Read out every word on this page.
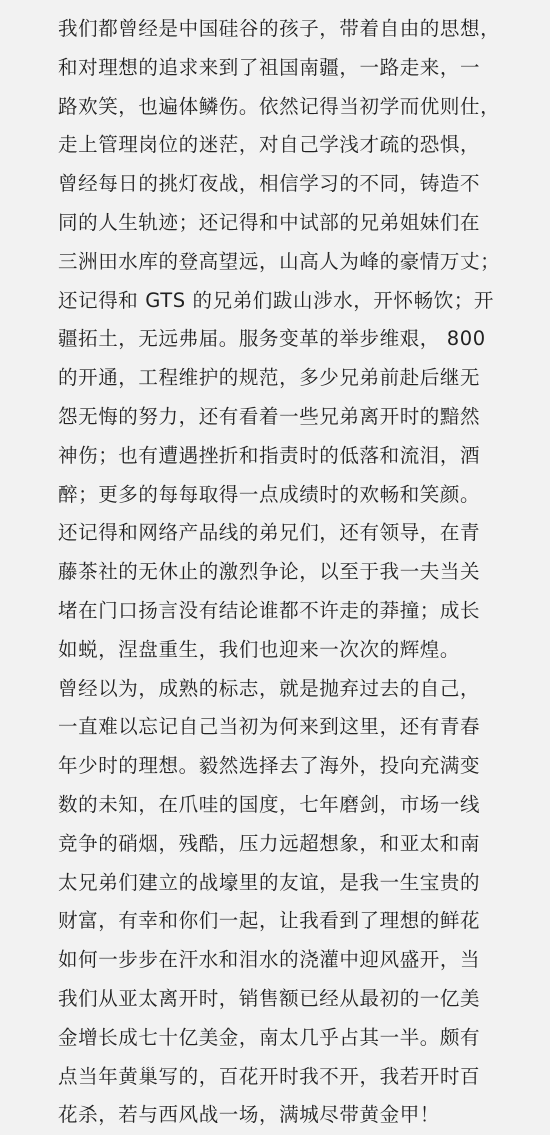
我们都曾经是中国硅谷的孩子，带着自由的思想，
和对理想的追求来到了祖国南疆，一路走来，一
路欢笑，也遍体鳞伤。依然记得当初学而优则仕，
走上管理岗位的迷茫，对自己学浅才疏的恐惧，
曾经每日的挑灯夜战，相信学习的不同，铸造不
同的人生轨迹；还记得和中试部的兄弟姐妹们在
三洲田水库的登高望远，山高人为峰的豪情万丈；
还记得和 GTS 的兄弟们跋山涉水，开怀畅饮；开
疆拓土，无远弗届。服务变革的举步维艰， 800
的开通，工程维护的规范，多少兄弟前赴后继无
怨无悔的努力，还有看着一些兄弟离开时的黯然
神伤；也有遭遇挫折和指责时的低落和流泪，酒
醉；更多的每每取得一点成绩时的欢畅和笑颜。
还记得和网络产品线的弟兄们，还有领导，在青
藤茶社的无休止的激烈争论，以至于我一夫当关
堵在门口扬言没有结论谁都不许走的莽撞；成长
如蜕，涅盘重生，我们也迎来一次次的辉煌。
曾经以为，成熟的标志，就是抛弃过去的自己，
一直难以忘记自己当初为何来到这里，还有青春
年少时的理想。毅然选择去了海外，投向充满变
数的未知，在爪哇的国度，七年磨剑，市场一线
竞争的硝烟，残酷，压力远超想象，和亚太和南
太兄弟们建立的战壕里的友谊，是我一生宝贵的
财富，有幸和你们一起，让我看到了理想的鲜花
如何一步步在汗水和泪水的浇灌中迎风盛开，当
我们从亚太离开时，销售额已经从最初的一亿美
金增长成七十亿美金，南太几乎占其一半。颇有
点当年黄巢写的，百花开时我不开，我若开时百
花杀，若与西风战一场，满城尽带黄金甲！
